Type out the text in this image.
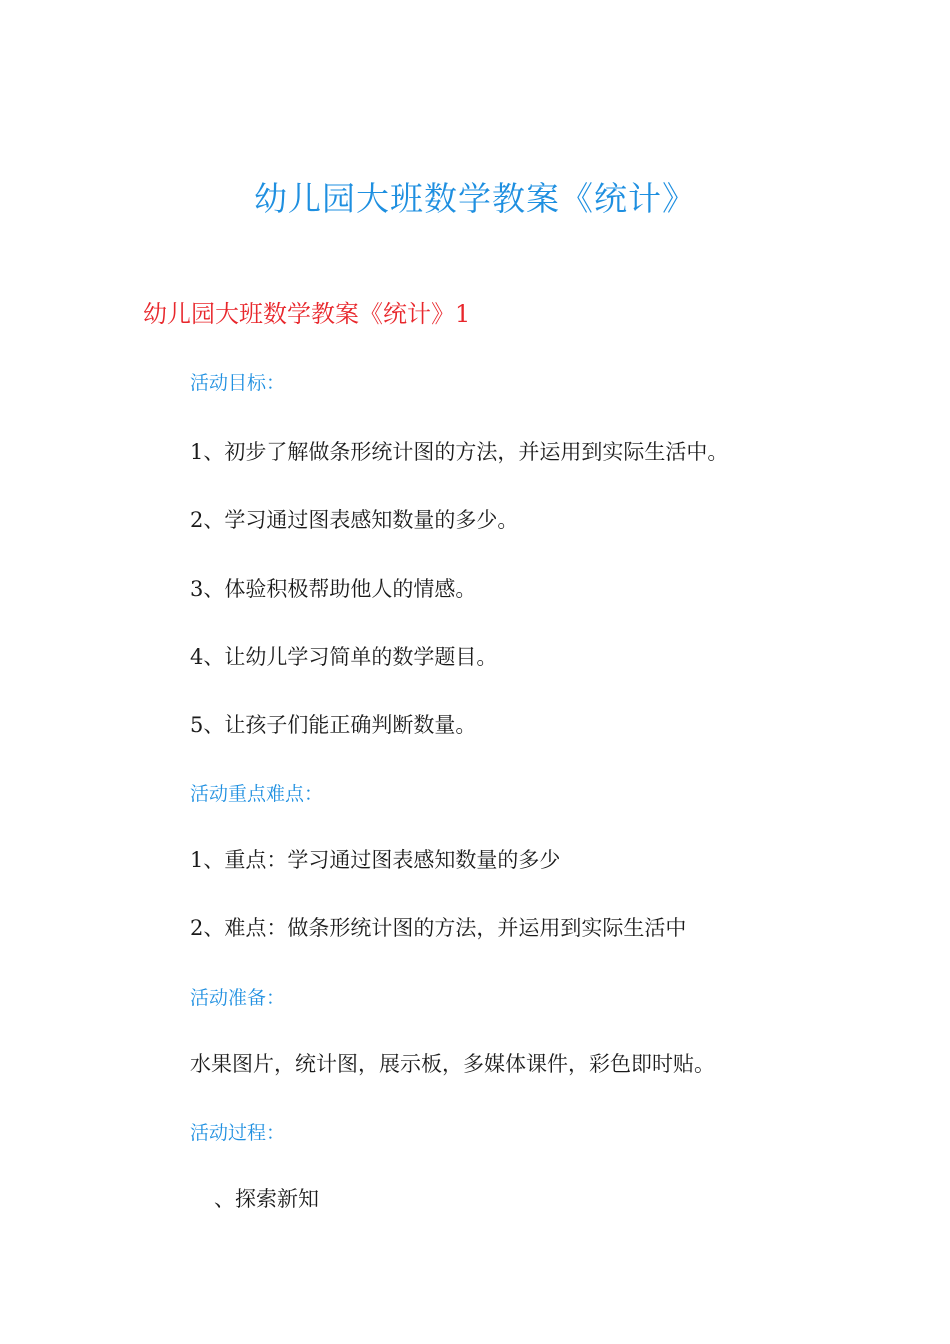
幼儿园大班数学教案《统计》
幼儿园大班数学教案《统计》1
活动目标：
1、初步了解做条形统计图的方法，并运用到实际生活中。
2、学习通过图表感知数量的多少。
3、体验积极帮助他人的情感。
4、让幼儿学习简单的数学题目。
5、让孩子们能正确判断数量。
活动重点难点：
1、重点：学习通过图表感知数量的多少
2、难点：做条形统计图的方法，并运用到实际生活中
活动准备：
水果图片，统计图，展示板，多媒体课件，彩色即时贴。
活动过程：
、探索新知
